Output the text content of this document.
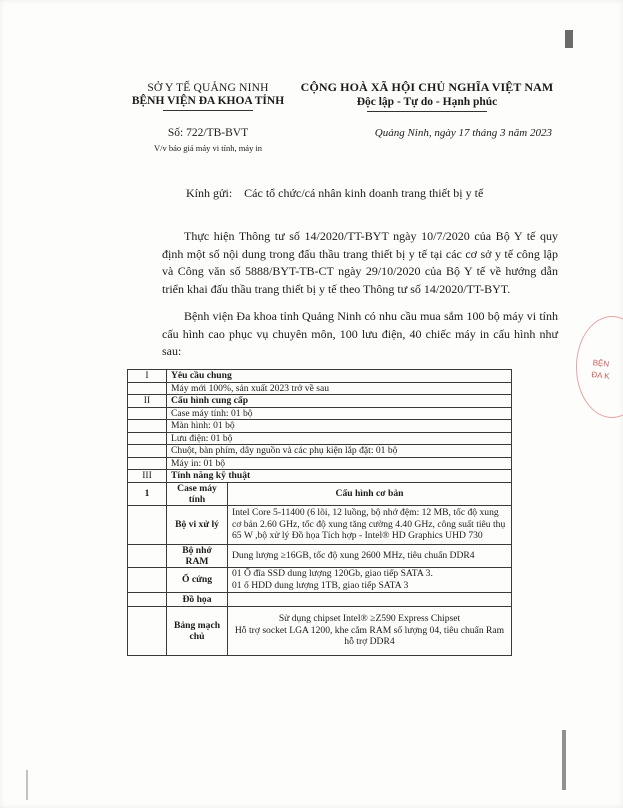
SỞ Y TẾ QUẢNG NINH
BỆNH VIỆN ĐA KHOA TỈNH
Số: 722/TB-BVT
V/v báo giá máy vi tính, máy in
CỘNG HOÀ XÃ HỘI CHỦ NGHĨA VIỆT NAM
Độc lập - Tự do - Hạnh phúc
Quảng Ninh, ngày 17 tháng 3 năm 2023
Kính gửi: Các tổ chức/cá nhân kinh doanh trang thiết bị y tế
Thực hiện Thông tư số 14/2020/TT-BYT ngày 10/7/2020 của Bộ Y tế quy định một số nội dung trong đấu thầu trang thiết bị y tế tại các cơ sở y tế công lập và Công văn số 5888/BYT-TB-CT ngày 29/10/2020 của Bộ Y tế về hướng dẫn triển khai đấu thầu trang thiết bị y tế theo Thông tư số 14/2020/TT-BYT.
Bệnh viện Đa khoa tỉnh Quảng Ninh có nhu cầu mua sắm 100 bộ máy vi tính cấu hình cao phục vụ chuyên môn, 100 lưu điện, 40 chiếc máy in cấu hình như sau:
BỆN
ĐA K
I	Yêu cầu chung	
	Máy mới 100%, sản xuất 2023 trở về sau	
II	Cấu hình cung cấp	
	Case máy tính: 01 bộ	
	Màn hình: 01 bộ	
	Lưu điện: 01 bộ	
	Chuột, bàn phím, dây nguồn và các phụ kiện lắp đặt: 01 bộ	
	Máy in: 01 bộ	
III	Tính năng kỹ thuật	
1	Case máy tính	Cấu hình cơ bản
	Bộ vi xử lý	Intel Core 5-11400 (6 lõi, 12 luồng, bộ nhớ đệm: 12 MB, tốc độ xung cơ bản 2.60 GHz, tốc độ xung tăng cường 4.40 GHz, công suất tiêu thụ 65 W ,bộ xử lý Đồ họa Tích hợp - Intel® HD Graphics UHD 730
	Bộ nhớ RAM	Dung lượng ≥16GB, tốc độ xung 2600 MHz, tiêu chuẩn DDR4
	Ổ cứng	01 Ổ đĩa SSD dung lượng 120Gb, giao tiếp SATA 3.
01 ổ HDD dung lượng 1TB, giao tiếp SATA 3
	Đồ họa	
	Bảng mạch chủ	Sử dụng chipset Intel® ≥Z590 Express Chipset
Hỗ trợ socket LGA 1200, khe cắm RAM số lượng 04, tiêu chuẩn Ram hỗ trợ DDR4
